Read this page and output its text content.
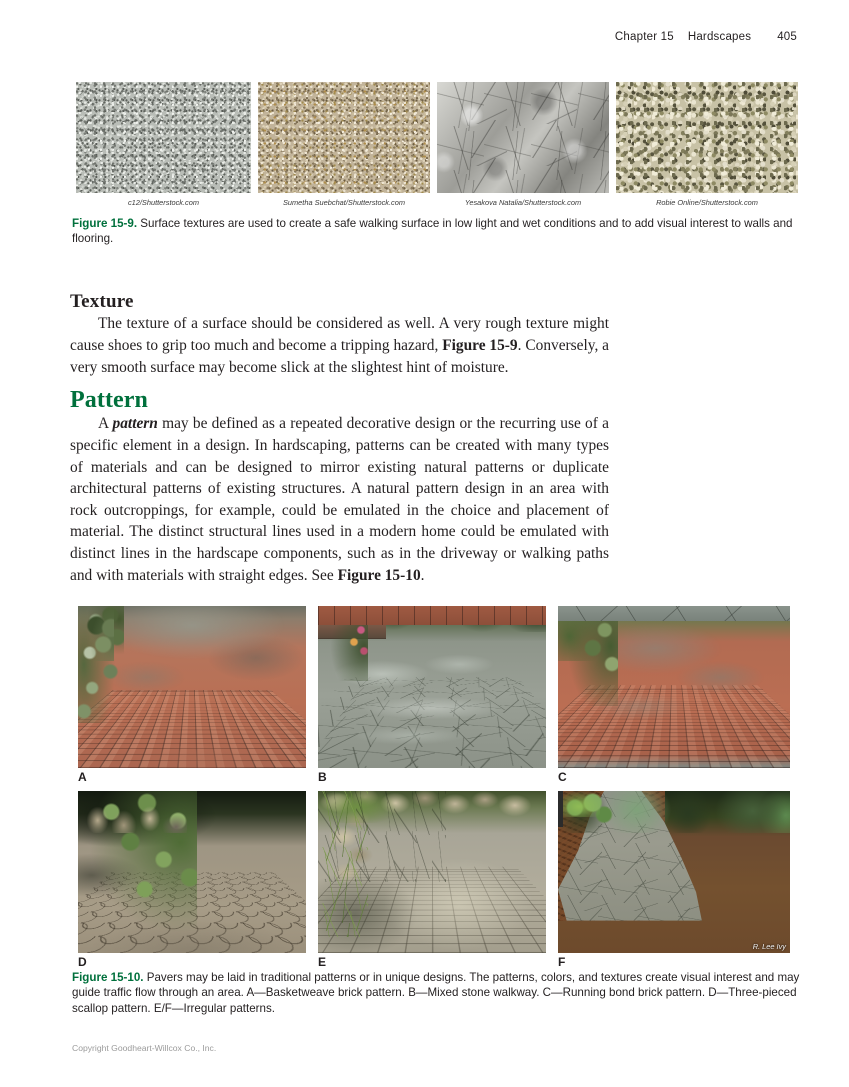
Chapter 15 Hardscapes 405
c12/Shutterstock.com	Sumetha Suebchat/Shutterstock.com	Yesakova Natalia/Shutterstock.com	Robie Online/Shutterstock.com
Figure 15-9. Surface textures are used to create a safe walking surface in low light and wet conditions and to add visual interest to walls and flooring.
Texture

The texture of a surface should be considered as well. A very rough texture might cause shoes to grip too much and become a tripping hazard, Figure 15-9. Conversely, a very smooth surface may become slick at the slightest hint of moisture.

Pattern

A pattern may be defined as a repeated decorative design or the recurring use of a specific element in a design. In hardscaping, patterns can be created with many types of materials and can be designed to mirror existing natural patterns or duplicate architectural patterns of existing structures. A natural pattern design in an area with rock outcroppings, for example, could be emulated in the choice and placement of material. The distinct structural lines used in a modern home could be emulated with distinct lines in the hardscape components, such as in the driveway or walking paths and with materials with straight edges. See Figure 15-10.

R. Lee Ivy
A	B	C
D	E	F
Figure 15-10. Pavers may be laid in traditional patterns or in unique designs. The patterns, colors, and textures create visual interest and may guide traffic flow through an area. A—Basketweave brick pattern. B—Mixed stone walkway. C—Running bond brick pattern. D—Three-pieced scallop pattern. E/F—Irregular patterns.
Copyright Goodheart-Willcox Co., Inc.
